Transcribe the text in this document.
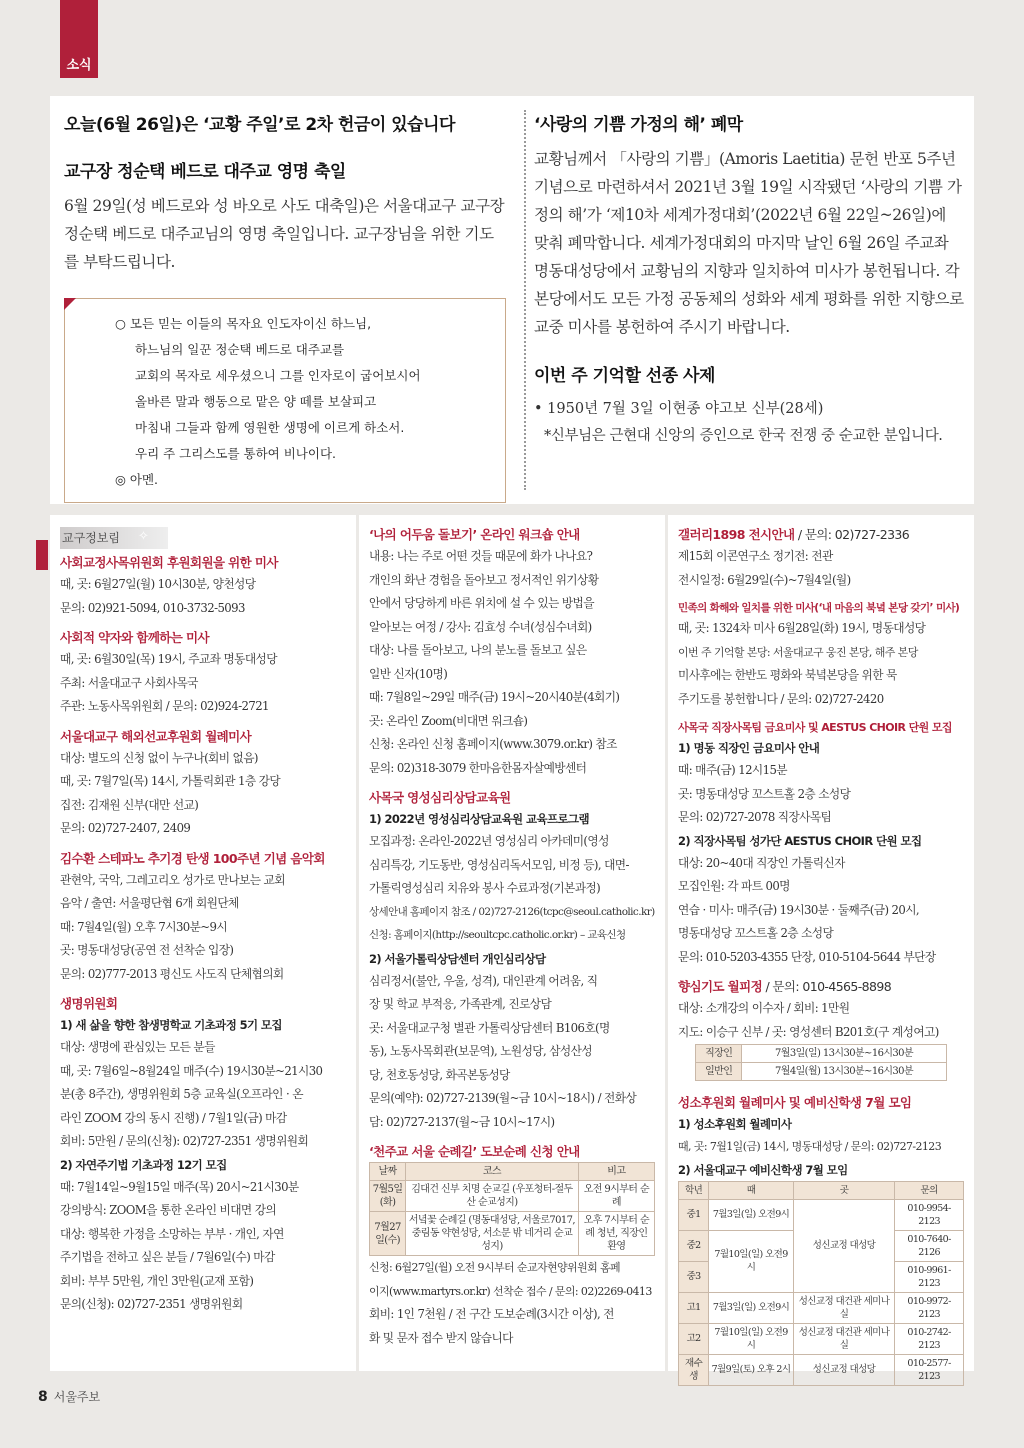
소식
오늘(6월 26일)은 ‘교황 주일’로 2차 헌금이 있습니다
교구장 정순택 베드로 대주교 영명 축일
6월 29일(성 베드로와 성 바오로 사도 대축일)은 서울대교구 교구장 정순택 베드로 대주교님의 영명 축일입니다. 교구장님을 위한 기도를 부탁드립니다.
○ 모든 믿는 이들의 목자요 인도자이신 하느님,
하느님의 일꾼 정순택 베드로 대주교를
교회의 목자로 세우셨으니 그를 인자로이 굽어보시어
올바른 말과 행동으로 맡은 양 떼를 보살피고
마침내 그들과 함께 영원한 생명에 이르게 하소서.
우리 주 그리스도를 통하여 비나이다.
◎ 아멘.
‘사랑의 기쁨 가정의 해’ 폐막
교황님께서 「사랑의 기쁨」(Amoris Laetitia) 문헌 반포 5주년 기념으로 마련하셔서 2021년 3월 19일 시작됐던 ‘사랑의 기쁨 가정의 해’가 ‘제10차 세계가정대회’(2022년 6월 22일~26일)에 맞춰 폐막합니다. 세계가정대회의 마지막 날인 6월 26일 주교좌 명동대성당에서 교황님의 지향과 일치하여 미사가 봉헌됩니다. 각 본당에서도 모든 가정 공동체의 성화와 세계 평화를 위한 지향으로 교중 미사를 봉헌하여 주시기 바랍니다.
이번 주 기억할 선종 사제
• 1950년 7월 3일 이현종 야고보 신부(28세)
*신부님은 근현대 신앙의 증인으로 한국 전쟁 중 순교한 분입니다.
교구정보림 ✧
사회교정사목위원회 후원회원을 위한 미사
때, 곳: 6월27일(월) 10시30분, 양천성당
문의: 02)921-5094, 010-3732-5093
사회적 약자와 함께하는 미사
때, 곳: 6월30일(목) 19시, 주교좌 명동대성당
주최: 서울대교구 사회사목국
주관: 노동사목위원회 / 문의: 02)924-2721
서울대교구 해외선교후원회 월례미사
대상: 별도의 신청 없이 누구나(회비 없음)
때, 곳: 7월7일(목) 14시, 가톨릭회관 1층 강당
집전: 김재원 신부(대만 선교)
문의: 02)727-2407, 2409
김수환 스테파노 추기경 탄생 100주년 기념 음악회
관현악, 국악, 그레고리오 성가로 만나보는 교회
음악 / 출연: 서울평단협 6개 회원단체
때: 7월4일(월) 오후 7시30분~9시
곳: 명동대성당(공연 전 선착순 입장)
문의: 02)777-2013 평신도 사도직 단체협의회
생명위원회
1) 새 삶을 향한 참생명학교 기초과정 5기 모집
대상: 생명에 관심있는 모든 분들
때, 곳: 7월6일~8월24일 매주(수) 19시30분~21시30
분(총 8주간), 생명위원회 5층 교육실(오프라인 · 온
라인 ZOOM 강의 동시 진행) / 7월1일(금) 마감
회비: 5만원 / 문의(신청): 02)727-2351 생명위원회
2) 자연주기법 기초과정 12기 모집
때: 7월14일~9월15일 매주(목) 20시~21시30분
강의방식: ZOOM을 통한 온라인 비대면 강의
대상: 행복한 가정을 소망하는 부부 · 개인, 자연
주기법을 전하고 싶은 분들 / 7월6일(수) 마감
회비: 부부 5만원, 개인 3만원(교재 포함)
문의(신청): 02)727-2351 생명위원회
‘나의 어두움 돌보기’ 온라인 워크숍 안내
내용: 나는 주로 어떤 것들 때문에 화가 나나요?
개인의 화난 경험을 돌아보고 정서적인 위기상황
안에서 당당하게 바른 위치에 설 수 있는 방법을
알아보는 여정 / 강사: 김효성 수녀(성심수녀회)
대상: 나를 돌아보고, 나의 분노를 돌보고 싶은
일반 신자(10명)
때: 7월8일~29일 매주(금) 19시~20시40분(4회기)
곳: 온라인 Zoom(비대면 워크숍)
신청: 온라인 신청 홈페이지(www.3079.or.kr) 참조
문의: 02)318-3079 한마음한몸자살예방센터
사목국 영성심리상담교육원
1) 2022년 영성심리상담교육원 교육프로그램
모집과정: 온라인-2022년 영성심리 아카데미(영성
심리특강, 기도동반, 영성심리독서모임, 비정 등), 대면-
가톨릭영성심리 치유와 봉사 수료과정(기본과정)
상세안내 홈페이지 참조 / 02)727-2126(tcpc@seoul.catholic.kr)
신청: 홈페이지(http://seoultcpc.catholic.or.kr) – 교육신청
2) 서울가톨릭상담센터 개인심리상담
심리정서(불안, 우울, 성격), 대인관계 어려움, 직
장 및 학교 부적응, 가족관계, 진로상담
곳: 서울대교구청 별관 가톨릭상담센터 B106호(명
동), 노동사목회관(보문역), 노원성당, 삼성산성
당, 천호동성당, 화곡본동성당
문의(예약): 02)727-2139(월~금 10시~18시) / 전화상
담: 02)727-2137(월~금 10시~17시)
‘천주교 서울 순례길’ 도보순례 신청 안내
날짜	코스	비고
7월5일(화)	김대건 신부 치명 순교길 (우포청터-절두산 순교성지)	오전 9시부터 순례
7월27일(수)	서녘꽃 순례길 (명동대성당, 서울로7017, 중림동 약현성당, 서소문 밖 네거리 순교성지)	오후 7시부터 순례 청년, 직장인 환영
신청: 6월27일(월) 오전 9시부터 순교자현양위원회 홈페
이지(www.martyrs.or.kr) 선착순 접수 / 문의: 02)2269-0413
회비: 1인 7천원 / 전 구간 도보순례(3시간 이상), 전
화 및 문자 접수 받지 않습니다
갤러리1898 전시안내 / 문의: 02)727-2336
제15회 이콘연구소 정기전: 전관
전시일정: 6월29일(수)~7월4일(월)
민족의 화해와 일치를 위한 미사(‘내 마음의 북녘 본당 갖기’ 미사)
때, 곳: 1324차 미사 6월28일(화) 19시, 명동대성당
이번 주 기억할 본당: 서울대교구 웅진 본당, 해주 본당
미사후에는 한반도 평화와 북녘본당을 위한 묵
주기도를 봉헌합니다 / 문의: 02)727-2420
사목국 직장사목팀 금요미사 및 AESTUS CHOIR 단원 모집
1) 명동 직장인 금요미사 안내
때: 매주(금) 12시15분
곳: 명동대성당 꼬스트홀 2층 소성당
문의: 02)727-2078 직장사목팀
2) 직장사목팀 성가단 AESTUS CHOIR 단원 모집
대상: 20~40대 직장인 가톨릭신자
모집인원: 각 파트 00명
연습 · 미사: 매주(금) 19시30분 · 둘째주(금) 20시,
명동대성당 꼬스트홀 2층 소성당
문의: 010-5203-4355 단장, 010-5104-5644 부단장
향심기도 월피정 / 문의: 010-4565-8898
대상: 소개강의 이수자 / 회비: 1만원
지도: 이승구 신부 / 곳: 영성센터 B201호(구 계성여고)
직장인	7월3일(일) 13시30분~16시30분
일반인	7월4일(월) 13시30분~16시30분
성소후원회 월례미사 및 예비신학생 7월 모임
1) 성소후원회 월례미사
때, 곳: 7월1일(금) 14시, 명동대성당 / 문의: 02)727-2123
2) 서울대교구 예비신학생 7월 모임
학년	때	곳	문의
중1	7월3일(일) 오전9시	성신교정 대성당	010-9954-2123
중2	7월10일(일) 오전9시		010-7640-2126
중3			010-9961-2123
고1	7월3일(일) 오전9시	성신교정 대건관 세미나실	010-9972-2123
고2	7월10일(일) 오전9시	성신교정 대건관 세미나실	010-2742-2123
재수생	7월9일(토) 오후 2시	성신교정 대성당	010-2577-2123
8 서울주보
